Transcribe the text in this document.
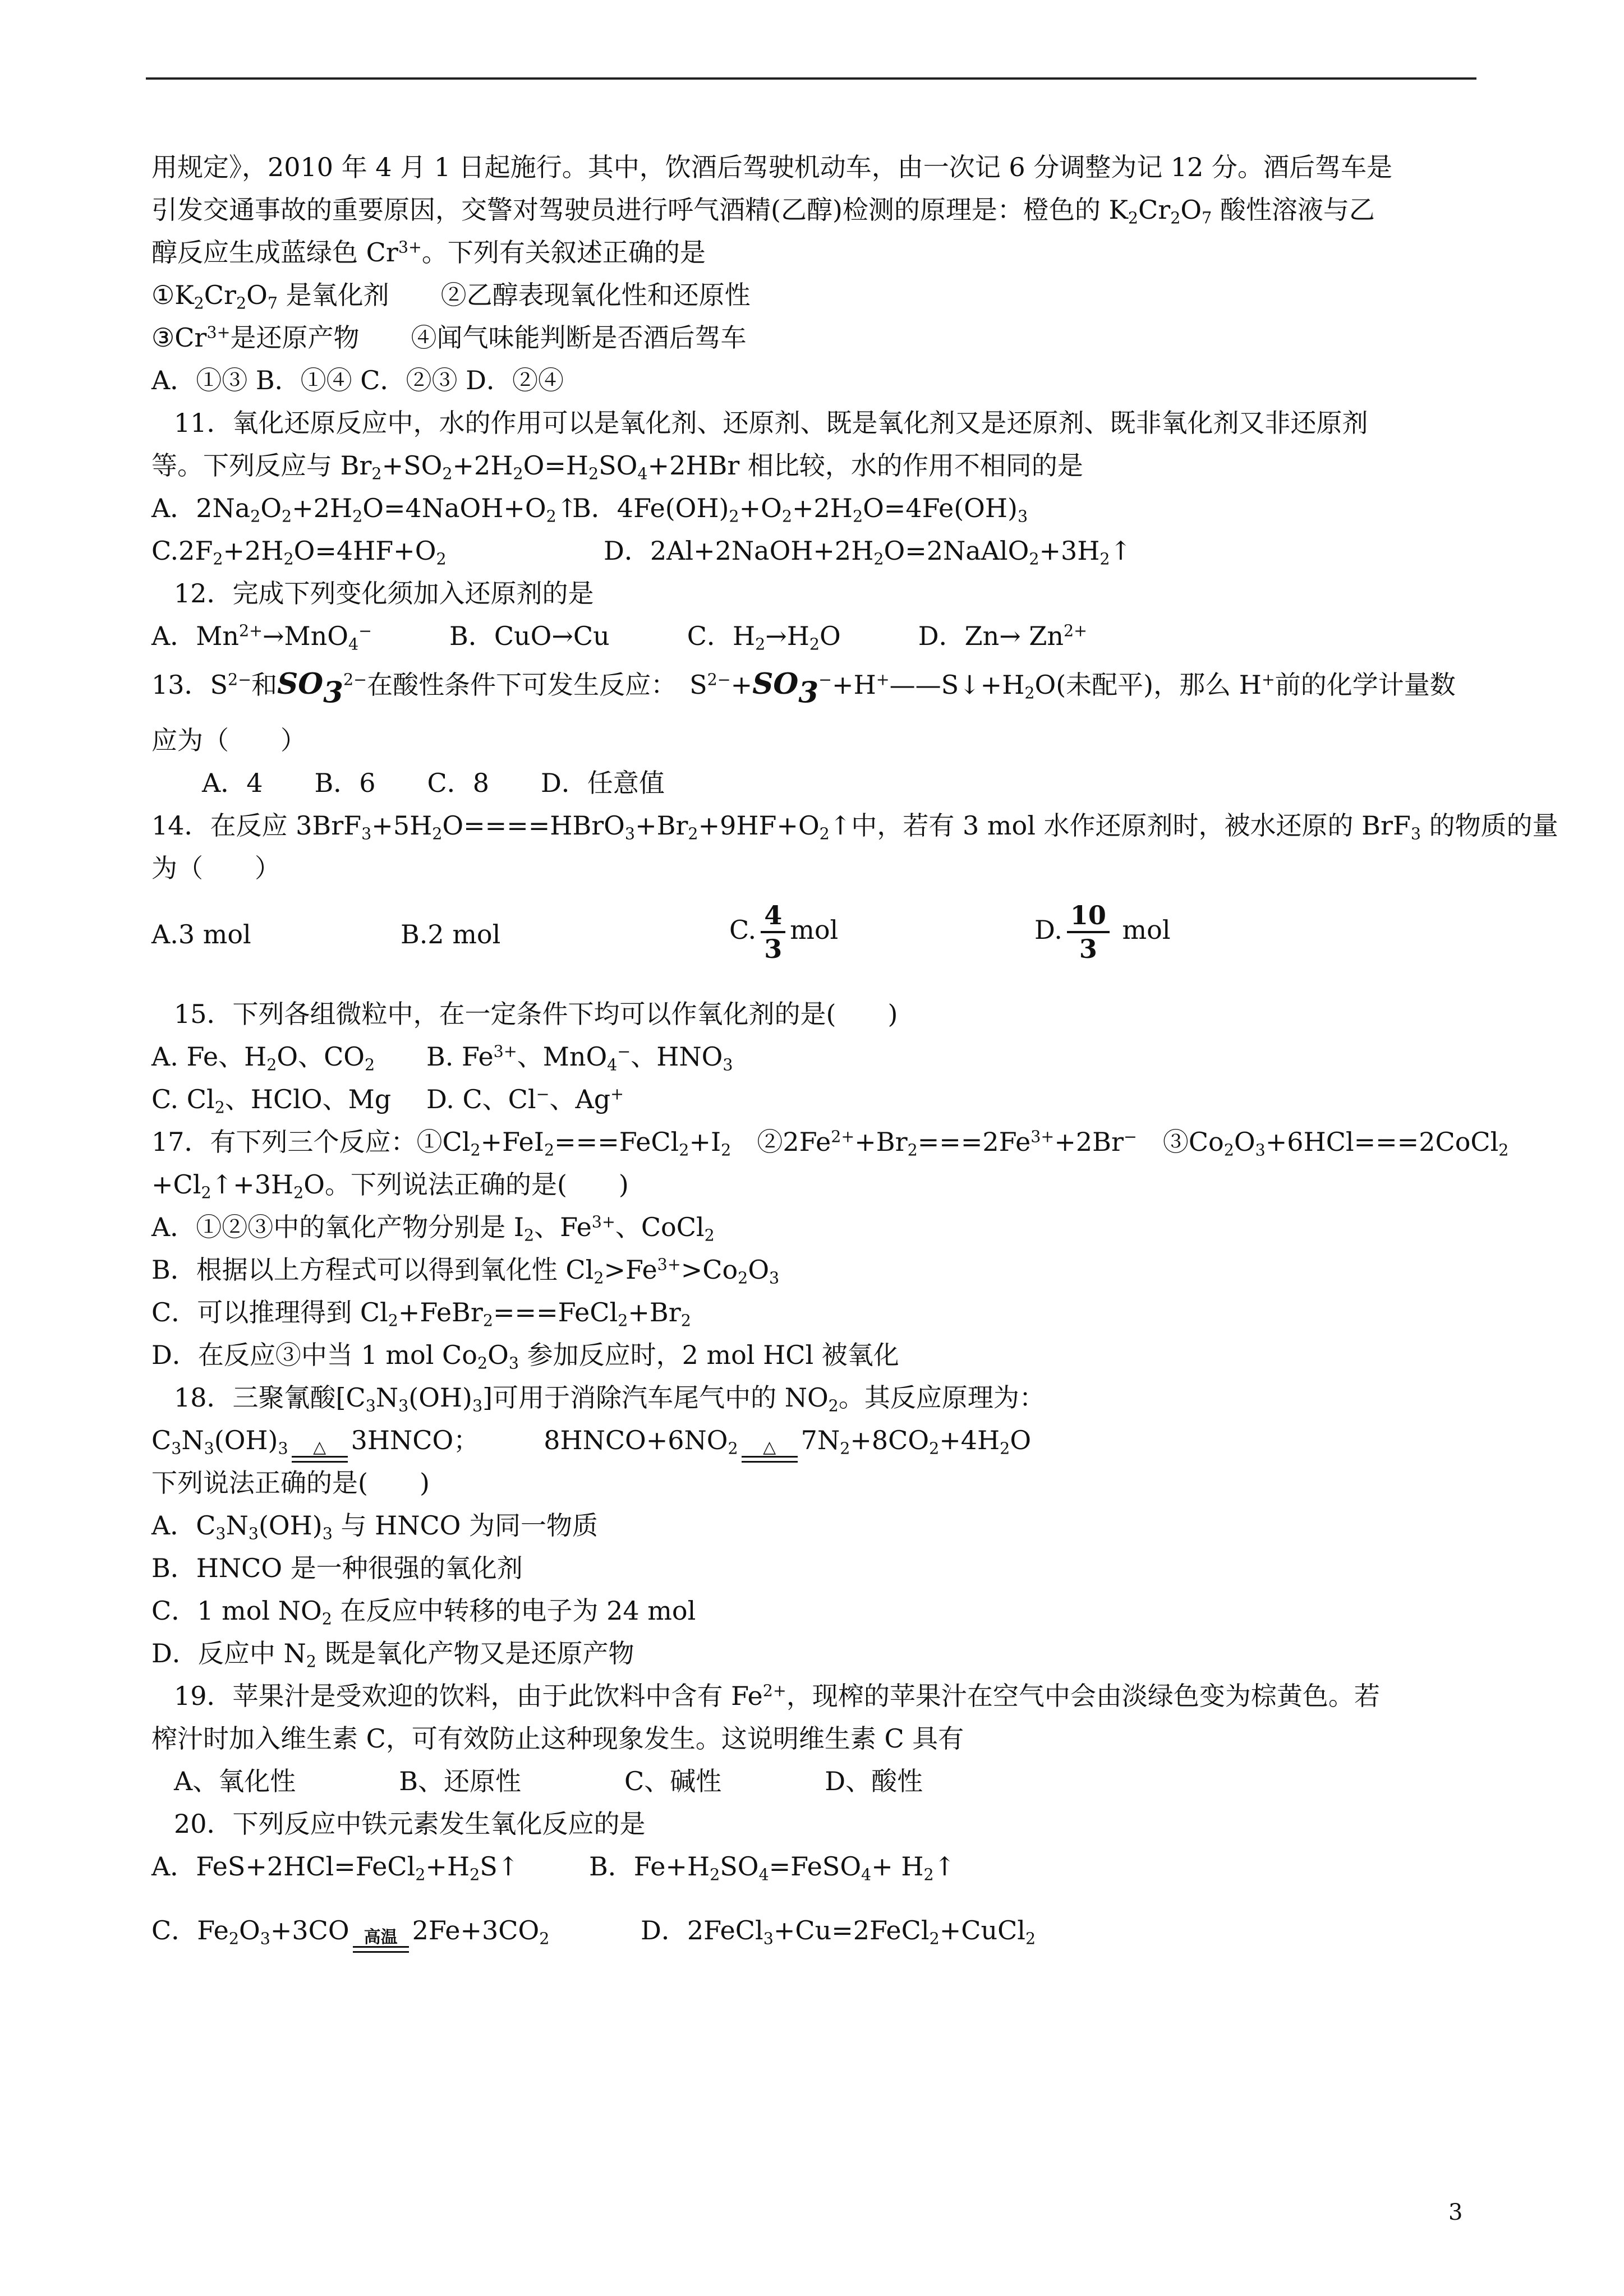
用规定》，2010 年 4 月 1 日起施行。其中，饮酒后驾驶机动车，由一次记 6 分调整为记 12 分。酒后驾车是
引发交通事故的重要原因，交警对驾驶员进行呼气酒精(乙醇)检测的原理是：橙色的 $K_2Cr_2O_7$ 酸性溶液与乙
醇反应生成蓝绿色 $Cr^{3+}$。下列有关叙述正确的是
$①K_2Cr_2O_7$ 是氧化剂　　②乙醇表现氧化性和还原性
$③Cr^{3+}$是还原产物　　④闻气味能判断是否酒后驾车
A．①③ B．①④ C．②③ D．②④
11．氧化还原反应中，水的作用可以是氧化剂、还原剂、既是氧化剂又是还原剂、既非氧化剂又非还原剂
等。下列反应与 $Br_2+SO_2+2H_2O=H_2SO_4+2HBr$ 相比较，水的作用不相同的是
A．$2Na_2O_2+2H_2O=4NaOH+O_2↑$
B．$4Fe(OH)_2+O_2+2H_2O=4Fe(OH)_3$
$C.2F_2+2H_2O=4HF+O_2$	D．$2Al+2NaOH+2H_2O=2NaAlO_2+3H_2↑$
12．完成下列变化须加入还原剂的是
A．$Mn^{2+}\to MnO_4^-$　　　B．CuO→Cu　　　C．$H_2\to H_2O$　　　D．$Zn\to Zn^{2+}$
13．$S^{2-}$和$SO_3^{2-}$在酸性条件下可发生反应：　$S^{2-}+SO_3^-+H^+——S↓+H_2O$(未配平)，那么 H+前的化学计量数
应为（　　）
A．4　　B．6　　C．8　　D．任意值
14．在反应 $3BrF_3+5H_2O====HBrO_3+Br_2+9HF+O_2↑$中，若有 3 mol 水作还原剂时，被水还原的 BrF$_3$ 的物质的量
为（　　）
A.3 mol	B.2 mol	C. $\frac{4}{3}$ mol	D. $\frac{10}{3}$ mol
15．下列各组微粒中，在一定条件下均可以作氧化剂的是(　　)
A. Fe、$H_2O$、$CO_2$ B. $Fe^{3+}$、MnO$_4$−、$HNO_3$
C. $Cl_2$、HClO、Mg D. C、Cl−、Ag+
17．有下列三个反应：$①Cl_2+FeI_2===FeCl_2+I_2$　$②2Fe^{2+}+Br_2===2Fe^{3+}+2Br^-$　$③Co_2O_3+6HCl===2CoCl_2$
$+Cl_2↑+3H_2O$。下列说法正确的是(　　)
A．①②③中的氧化产物分别是 $I_2$、$Fe^{3+}$、CoCl$_2$
B．根据以上方程式可以得到氧化性 $Cl_2>Fe^{3+}>Co_2O_3$
C．可以推理得到 $Cl_2+FeBr_2===FeCl_2+Br_2$
D．在反应③中当 1 mol $Co_2O_3$ 参加反应时，2 mol HCl 被氧化
18．三聚氰酸$[C_3N_3(OH)_3]$可用于消除汽车尾气中的 $NO_2$。其反应原理为：
$C_3N_3(OH)_3$	△ 3HNCO；　　　	$8HNCO+6NO_2$	△ $7N_2+8CO_2+4H_2O$
下列说法正确的是(　　)
A．$C_3N_3(OH)_3$ 与 HNCO 为同一物质
B．HNCO 是一种很强的氧化剂
C．1 mol $NO_2$ 在反应中转移的电子为 24 mol
D．反应中 $N_2$ 既是氧化产物又是还原产物
19．苹果汁是受欢迎的饮料，由于此饮料中含有 $Fe^{2+}$，现榨的苹果汁在空气中会由淡绿色变为棕黄色。若
榨汁时加入维生素 C，可有效防止这种现象发生。这说明维生素 C 具有
A、氧化性　　　　B、还原性　　　　C、碱性　　　　D、酸性
20．下列反应中铁元素发生氧化反应的是
A．$FeS+2HCl=FeCl_2+H_2S↑$	B．$Fe+H_2SO_4=FeSO_4+$ $H_2↑$
C．$Fe_2O_3+3CO$ 高温 $2Fe+3CO_2$	D．2FeCl$_3$+Cu=2FeCl$_2$+CuCl$_2$
3
